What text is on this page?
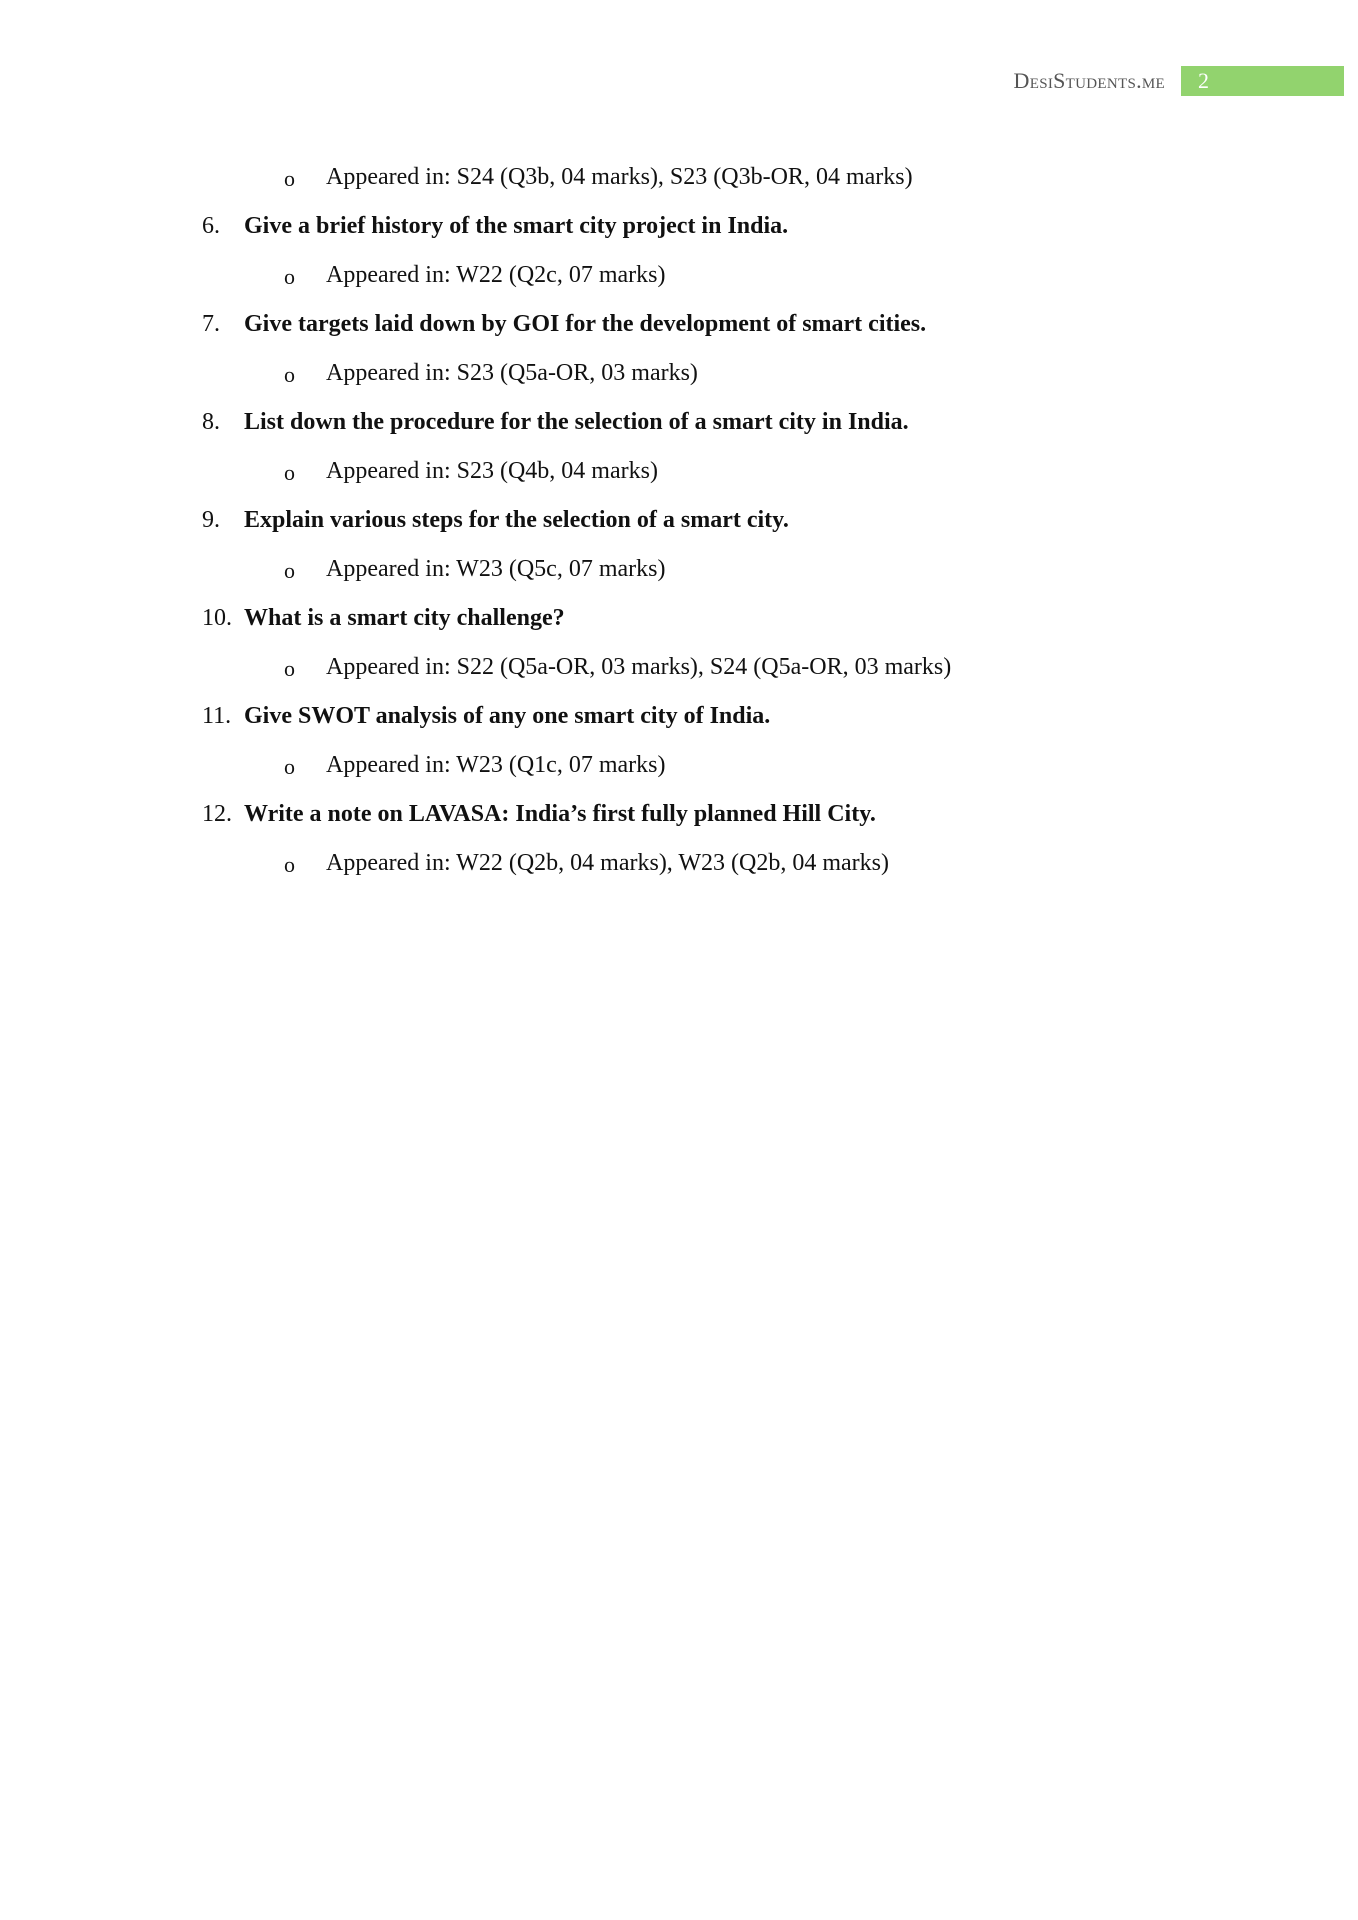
DesiStudents.me	2
o Appeared in: S24 (Q3b, 04 marks), S23 (Q3b-OR, 04 marks)
6. Give a brief history of the smart city project in India.
o Appeared in: W22 (Q2c, 07 marks)
7. Give targets laid down by GOI for the development of smart cities.
o Appeared in: S23 (Q5a-OR, 03 marks)
8. List down the procedure for the selection of a smart city in India.
o Appeared in: S23 (Q4b, 04 marks)
9. Explain various steps for the selection of a smart city.
o Appeared in: W23 (Q5c, 07 marks)
10. What is a smart city challenge?
o Appeared in: S22 (Q5a-OR, 03 marks), S24 (Q5a-OR, 03 marks)
11. Give SWOT analysis of any one smart city of India.
o Appeared in: W23 (Q1c, 07 marks)
12. Write a note on LAVASA: India’s first fully planned Hill City.
o Appeared in: W22 (Q2b, 04 marks), W23 (Q2b, 04 marks)
